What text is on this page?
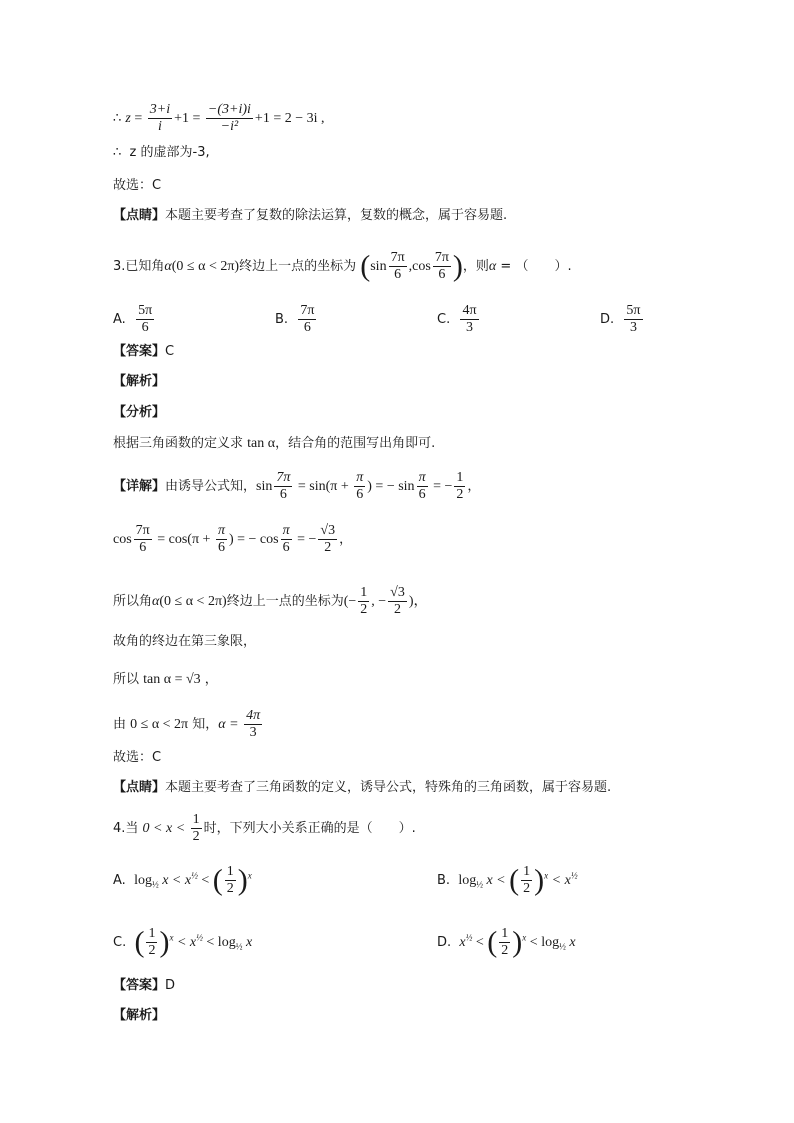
∴ $z = \frac{3+i}{i} +1 = \frac{-(3+i)i}{\text{−i²}} +1 = 2 - 3i$ ,
∴ z 的虚部为-3,
故选：C
【点睛】本题主要考查了复数的除法运算，复数的概念，属于容易题.
3.已知角α(0 ≤ α < 2π)终边上一点的坐标为 ($\sin \frac{7\pi}{6} ,\cos \frac{7\pi}{6}$ )，则α = （　　）.
A. $\frac{5\pi}{6}$	B. $\frac{7\pi}{6}$	C. $\frac{4\pi}{3}$	D. $\frac{5\pi}{3}$
【答案】C
【解析】
【分析】
根据三角函数的定义求 tan α，结合角的范围写出角即可.
【详解】由诱导公式知，$\sin \frac{7\pi}{6} = \sin(\pi + \frac{\pi}{6}$ ) = − $\sin \frac{\pi}{6}$ = − $\frac{1}{2}$ ，
$\cos \frac{7\pi}{6} = \cos(\pi + \frac{\pi}{6}$ ) = − $\cos \frac{\pi}{6}$ = − $\frac{√3}{2}$ ，
所以角α(0 ≤ α < 2π)终边上一点的坐标为(− $\frac{1}{2}$ , − $\frac{√3}{2}$ )，
故角的终边在第三象限，
所以 tan α = √3 ，
由 0 ≤ α < 2π 知，$\alpha = \frac{4\pi}{3}$
故选：C
【点睛】本题主要考查了三角函数的定义，诱导公式，特殊角的三角函数，属于容易题.
4.当 $0 < x < \frac{1}{2}$ 时，下列大小关系正确的是（　　）.
A. $\log_{\frac{1}{2}} x < x^{\frac{1}{2}}$ < ( $\frac{1}{2} )^x$	B. $\log_{\frac{1}{2}} x$ < ( $\frac{1}{2} )^x < x^{\frac{1}{2}}$
C. ( $\frac{1}{2} )^x < x^{\frac{1}{2}} < \log_{\frac{1}{2}} x$	D. $x^{\frac{1}{2}}$ < ( $\frac{1}{2} )^x < \log_{\frac{1}{2}} x$
【答案】D
【解析】
